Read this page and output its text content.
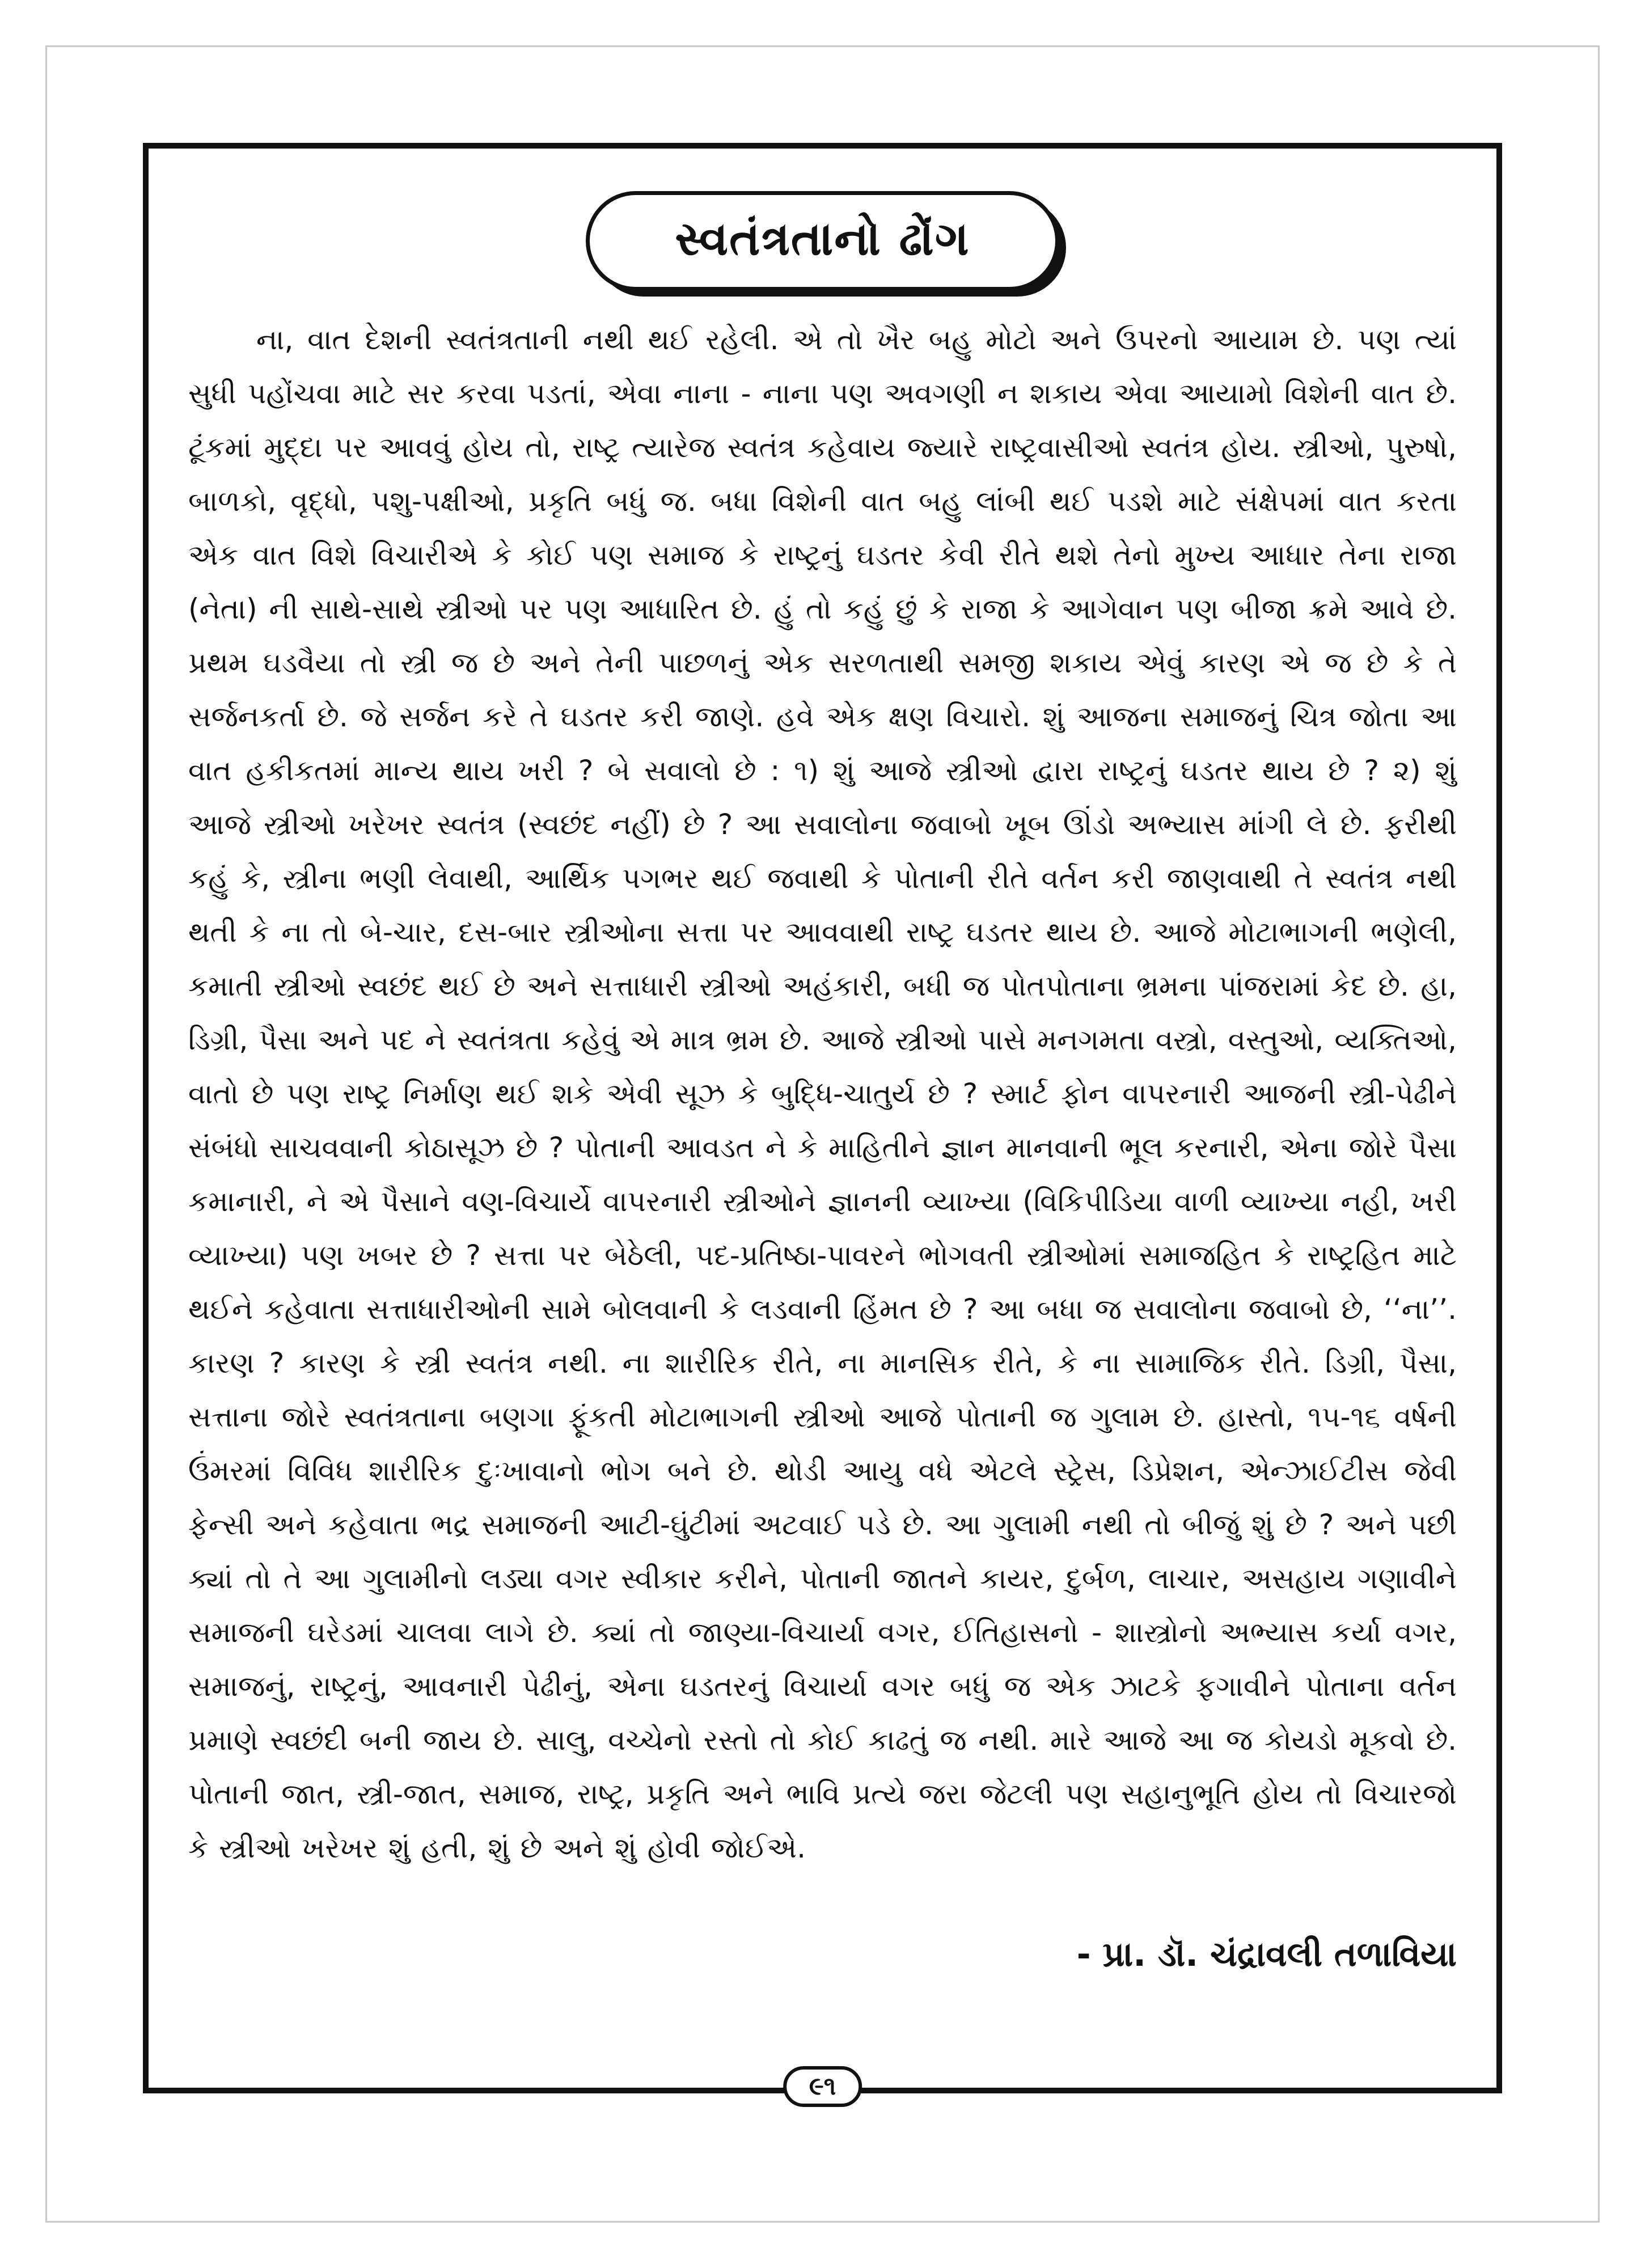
સ્વતંત્રતાનો ઢોંગ

ના, વાત દેશની સ્વતંત્રતાની નથી થઈ રહેલી. એ તો ખૈર બહુ મોટો અને ઉપરનો આયામ છે. પણ ત્યાં સુધી પહોંચવા માટે સર કરવા પડતાં, એવા નાના - નાના પણ અવગણી ન શકાય એવા આયામો વિશેની વાત છે. ટૂંકમાં મુદ્દા પર આવવું હોય તો, રાષ્ટ્ર ત્યારેજ સ્વતંત્ર કહેવાય જ્યારે રાષ્ટ્રવાસીઓ સ્વતંત્ર હોય. સ્ત્રીઓ, પુરુષો, બાળકો, વૃદ્ધો, પશુ-પક્ષીઓ, પ્રકૃતિ બધું જ. બધા વિશેની વાત બહુ લાંબી થઈ પડશે માટે સંક્ષેપમાં વાત કરતા એક વાત વિશે વિચારીએ કે કોઈ પણ સમાજ કે રાષ્ટ્રનું ઘડતર કેવી રીતે થશે તેનો મુખ્ય આધાર તેના રાજા (નેતા) ની સાથે-સાથે સ્ત્રીઓ પર પણ આધારિત છે. હું તો કહું છું કે રાજા કે આગેવાન પણ બીજા ક્રમે આવે છે. પ્રથમ ઘડવૈયા તો સ્ત્રી જ છે અને તેની પાછળનું એક સરળતાથી સમજી શકાય એવું કારણ એ જ છે કે તે સર્જનકર્તા છે. જે સર્જન કરે તે ઘડતર કરી જાણે. હવે એક ક્ષણ વિચારો. શું આજના સમાજનું ચિત્ર જોતા આ વાત હકીકતમાં માન્ય થાય ખરી ? બે સવાલો છે : ૧) શું આજે સ્ત્રીઓ દ્વારા રાષ્ટ્રનું ઘડતર થાય છે ? ૨) શું આજે સ્ત્રીઓ ખરેખર સ્વતંત્ર (સ્વછંદ નહીં) છે ? આ સવાલોના જવાબો ખૂબ ઊંડો અભ્યાસ માંગી લે છે. ફરીથી કહું કે, સ્ત્રીના ભણી લેવાથી, આર્થિક પગભર થઈ જવાથી કે પોતાની રીતે વર્તન કરી જાણવાથી તે સ્વતંત્ર નથી થતી કે ના તો બે-ચાર, દસ-બાર સ્ત્રીઓના સત્તા પર આવવાથી રાષ્ટ્ર ઘડતર થાય છે. આજે મોટાભાગની ભણેલી, કમાતી સ્ત્રીઓ સ્વછંદ થઈ છે અને સત્તાધારી સ્ત્રીઓ અહંકારી, બધી જ પોતપોતાના ભ્રમના પાંજરામાં કેદ છે. હા, ડિગ્રી, પૈસા અને પદ ને સ્વતંત્રતા કહેવું એ માત્ર ભ્રમ છે. આજે સ્ત્રીઓ પાસે મનગમતા વસ્ત્રો, વસ્તુઓ, વ્યક્તિઓ, વાતો છે પણ રાષ્ટ્ર નિર્માણ થઈ શકે એવી સૂઝ કે બુદ્ધિ-ચાતુર્ય છે ? સ્માર્ટ ફોન વાપરનારી આજની સ્ત્રી-પેઢીને સંબંધો સાચવવાની કોઠાસૂઝ છે ? પોતાની આવડત ને કે માહિતીને જ્ઞાન માનવાની ભૂલ કરનારી, એના જોરે પૈસા કમાનારી, ને એ પૈસાને વણ-વિચાર્યે વાપરનારી સ્ત્રીઓને જ્ઞાનની વ્યાખ્યા (વિકિપીડિયા વાળી વ્યાખ્યા નહી, ખરી વ્યાખ્યા) પણ ખબર છે ? સત્તા પર બેઠેલી, પદ-પ્રતિષ્ઠા-પાવરને ભોગવતી સ્ત્રીઓમાં સમાજહિત કે રાષ્ટ્રહિત માટે થઈને કહેવાતા સત્તાધારીઓની સામે બોલવાની કે લડવાની હિંમત છે ? આ બધા જ સવાલોના જવાબો છે, ‘‘ના’’. કારણ ? કારણ કે સ્ત્રી સ્વતંત્ર નથી. ના શારીરિક રીતે, ના માનસિક રીતે, કે ના સામાજિક રીતે. ડિગ્રી, પૈસા, સત્તાના જોરે સ્વતંત્રતાના બણગા ફૂંકતી મોટાભાગની સ્ત્રીઓ આજે પોતાની જ ગુલામ છે. હાસ્તો, ૧૫-૧૬ વર્ષની ઉંમરમાં વિવિધ શારીરિક દુઃખાવાનો ભોગ બને છે. થોડી આયુ વધે એટલે સ્ટ્રેસ, ડિપ્રેશન, એન્ઝાઈટીસ જેવી ફેન્સી અને કહેવાતા ભદ્ર સમાજની આટી-ઘુંટીમાં અટવાઈ પડે છે. આ ગુલામી નથી તો બીજું શું છે ? અને પછી ક્યાં તો તે આ ગુલામીનો લડ્યા વગર સ્વીકાર કરીને, પોતાની જાતને કાયર, દુર્બળ, લાચાર, અસહાય ગણાવીને સમાજની ઘરેડમાં ચાલવા લાગે છે. ક્યાં તો જાણ્યા-વિચાર્યા વગર, ઈતિહાસનો - શાસ્ત્રોનો અભ્યાસ કર્યા વગર, સમાજનું, રાષ્ટ્રનું, આવનારી પેઢીનું, એના ઘડતરનું વિચાર્યા વગર બધું જ એક ઝાટકે ફગાવીને પોતાના વર્તન પ્રમાણે સ્વછંદી બની જાય છે. સાલુ, વચ્ચેનો રસ્તો તો કોઈ કાઢતું જ નથી. મારે આજે આ જ કોયડો મૂકવો છે. પોતાની જાત, સ્ત્રી-જાત, સમાજ, રાષ્ટ્ર, પ્રકૃતિ અને ભાવિ પ્રત્યે જરા જેટલી પણ સહાનુભૂતિ હોય તો વિચારજો કે સ્ત્રીઓ ખરેખર શું હતી, શું છે અને શું હોવી જોઈએ.

- પ્રા. ડૉ. ચંદ્રાવલી તળાવિયા
૯૧
